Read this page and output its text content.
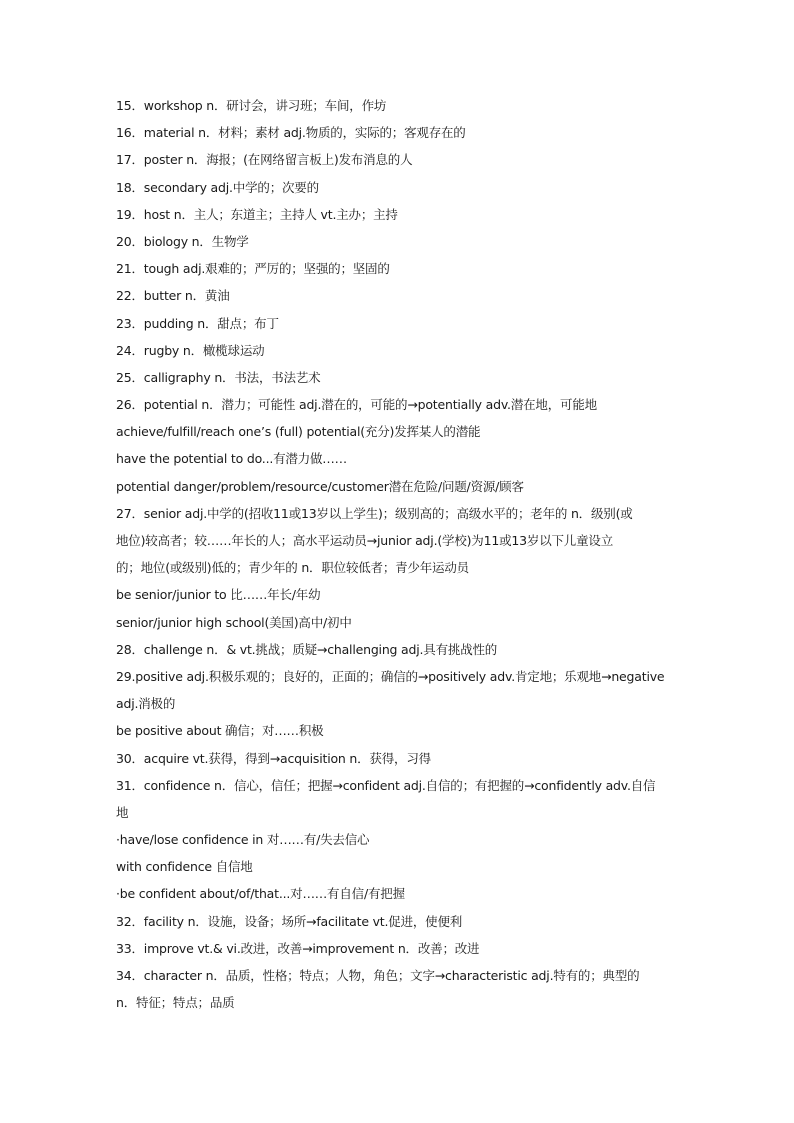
15．workshop n．研讨会，讲习班；车间，作坊
16．material n．材料；素材 adj.物质的，实际的；客观存在的
17．poster n．海报；(在网络留言板上)发布消息的人
18．secondary adj.中学的；次要的
19．host n．主人；东道主；主持人 vt.主办；主持
20．biology n．生物学
21．tough adj.艰难的；严厉的；坚强的；坚固的
22．butter n．黄油
23．pudding n．甜点；布丁
24．rugby n．橄榄球运动
25．calligraphy n．书法，书法艺术
26．potential n．潜力；可能性 adj.潜在的，可能的→potentially adv.潜在地，可能地
achieve/fulfill/reach one’s (full) potential(充分)发挥某人的潜能
have the potential to do...有潜力做……
potential danger/problem/resource/customer潜在危险/问题/资源/顾客
27．senior adj.中学的(招收11或13岁以上学生)；级别高的；高级水平的；老年的 n．级别(或
地位)较高者；较……年长的人；高水平运动员→junior adj.(学校)为11或13岁以下儿童设立
的；地位(或级别)低的；青少年的 n．职位较低者；青少年运动员
be senior/junior to 比……年长/年幼
senior/junior high school(美国)高中/初中
28．challenge n．& vt.挑战；质疑→challenging adj.具有挑战性的
29.positive adj.积极乐观的；良好的，正面的；确信的→positively adv.肯定地；乐观地→negative
adj.消极的
be positive about 确信；对……积极
30．acquire vt.获得，得到→acquisition n．获得，习得
31．confidence n．信心，信任；把握→confident adj.自信的；有把握的→confidently adv.自信
地
·have/lose confidence in 对……有/失去信心
with confidence 自信地
·be confident about/of/that...对……有自信/有把握
32．facility n．设施，设备；场所→facilitate vt.促进，使便利
33．improve vt.& vi.改进，改善→improvement n．改善；改进
34．character n．品质，性格；特点；人物，角色；文字→characteristic adj.特有的；典型的
n．特征；特点；品质
